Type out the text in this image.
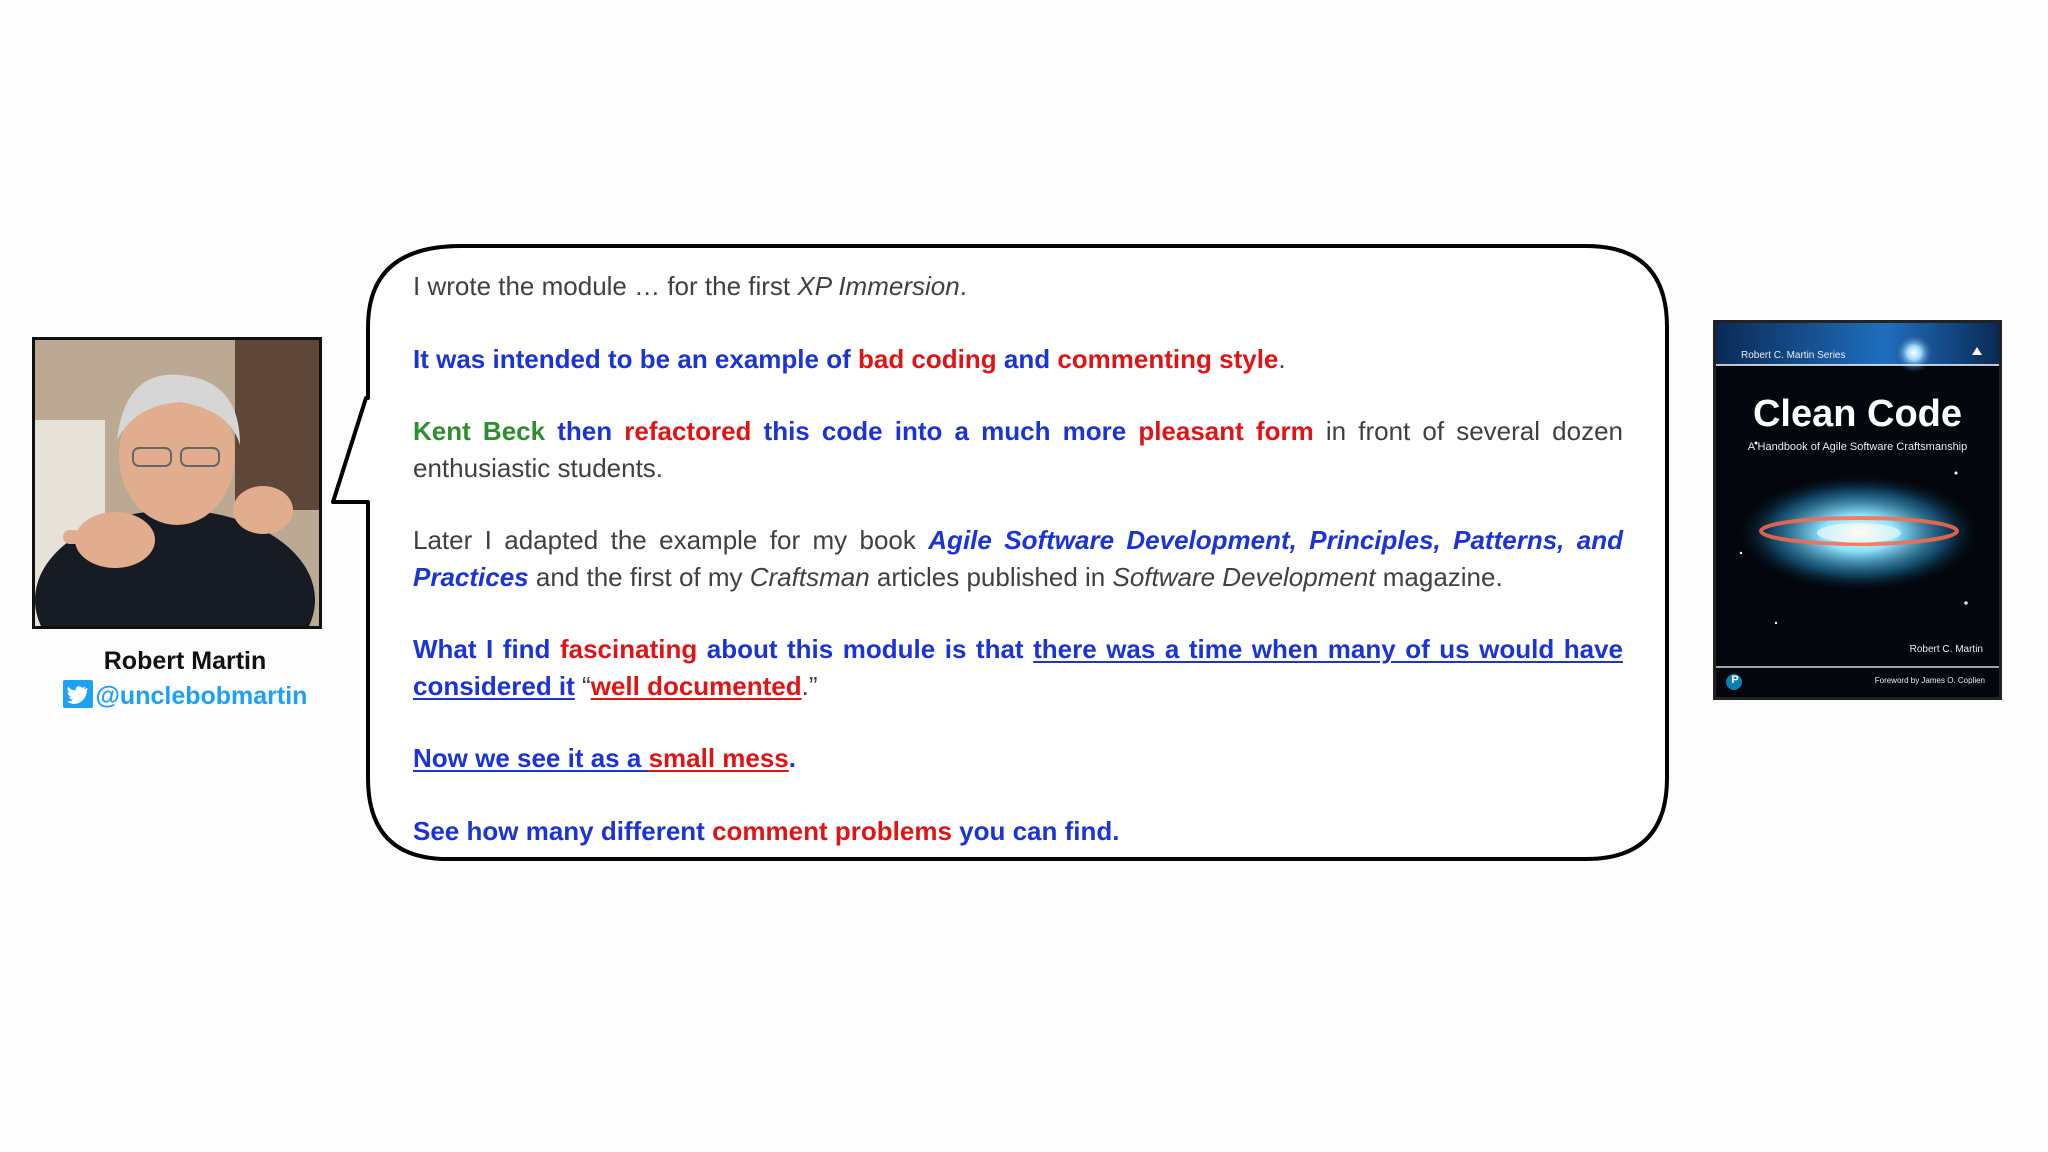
Robert Martin
@unclebobmartin

I wrote the module … for the first XP Immersion.

It was intended to be an example of bad coding and commenting style.

Kent Beck then refactored this code into a much more pleasant form in front of several dozen enthusiastic students.

Later I adapted the example for my book Agile Software Development, Principles, Patterns, and Practices and the first of my Craftsman articles published in Software Development magazine.

What I find fascinating about this module is that there was a time when many of us would have considered it “well documented.”

Now we see it as a small mess.

See how many different comment problems you can find.

Robert C. Martin Series
Clean Code
A Handbook of Agile Software Craftsmanship
Robert C. Martin
P	Foreword by James O. Coplien
